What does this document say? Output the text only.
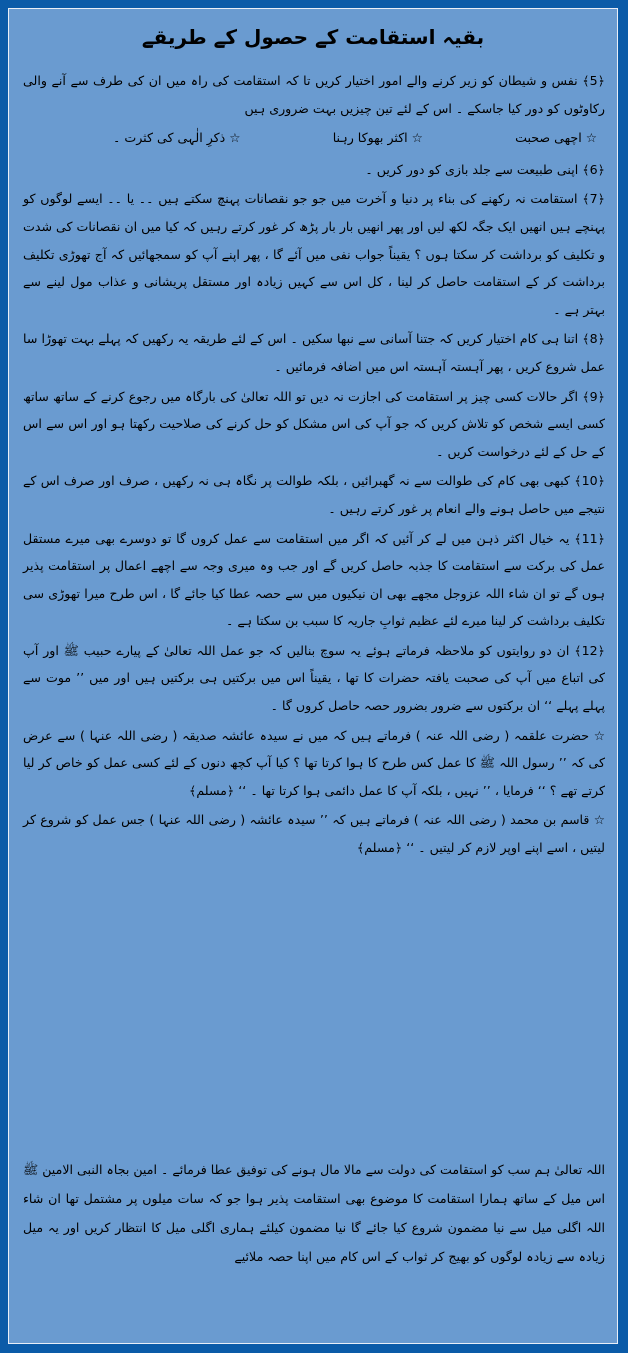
بقیہ استقامت کے حصول کے طریقے

﴿5﴾ نفس و شیطان کو زیر کرنے والے امور اختیار کریں تا کہ استقامت کی راہ میں ان کی طرف سے آنے والی رکاوٹوں کو دور کیا جاسکے ۔ اس کے لئے تین چیزیں بہت ضروری ہیں

☆ اچھی صحبت
☆ اکثر بھوکا رہنا
☆ ذکرِ الٰہی کی کثرت ۔

﴿6﴾ اپنی طبیعت سے جلد بازی کو دور کریں ۔

﴿7﴾ استقامت نہ رکھنے کی بناء پر دنیا و آخرت میں جو جو نقصانات پہنچ سکتے ہیں ۔۔ یا ۔۔ ایسے لوگوں کو پہنچے ہیں انھیں ایک جگہ لکھ لیں اور پھر انھیں بار بار پڑھ کر غور کرتے رہیں کہ کیا میں ان نقصانات کی شدت و تکلیف کو برداشت کر سکتا ہوں ؟ یقیناً جواب نفی میں آئے گا ، پھر اپنے آپ کو سمجھائیں کہ آج تھوڑی تکلیف برداشت کر کے استقامت حاصل کر لینا ، کل اس سے کہیں زیادہ اور مستقل پریشانی و عذاب مول لینے سے بہتر ہے ۔

﴿8﴾ اتنا ہی کام اختیار کریں کہ جتنا آسانی سے نبھا سکیں ۔ اس کے لئے طریقہ یہ رکھیں کہ پہلے بہت تھوڑا سا عمل شروع کریں ، پھر آہستہ آہستہ اس میں اضافہ فرمائیں ۔

﴿9﴾ اگر حالات کسی چیز پر استقامت کی اجازت نہ دیں تو اللہ تعالیٰ کی بارگاہ میں رجوع کرنے کے ساتھ ساتھ کسی ایسے شخص کو تلاش کریں کہ جو آپ کی اس مشکل کو حل کرنے کی صلاحیت رکھتا ہو اور اس سے اس کے حل کے لئے درخواست کریں ۔

﴿10﴾ کبھی بھی کام کی طوالت سے نہ گھبرائیں ، بلکہ طوالت پر نگاہ ہی نہ رکھیں ، صرف اور صرف اس کے نتیجے میں حاصل ہونے والے انعام پر غور کرتے رہیں ۔

﴿11﴾ یہ خیال اکثر ذہن میں لے کر آئیں کہ اگر میں استقامت سے عمل کروں گا تو دوسرے بھی میرے مستقل عمل کی برکت سے استقامت کا جذبہ حاصل کریں گے اور جب وہ میری وجہ سے اچھے اعمال پر استقامت پذیر ہوں گے تو ان شاء اللہ عزوجل مجھے بھی ان نیکیوں میں سے حصہ عطا کیا جائے گا ، اس طرح میرا تھوڑی سی تکلیف برداشت کر لینا میرے لئے عظیم ثوابِ جاریہ کا سبب بن سکتا ہے ۔

﴿12﴾ ان دو روایتوں کو ملاحظہ فرماتے ہوئے یہ سوچ بنالیں کہ جو عمل اللہ تعالیٰ کے پیارے حبیب ﷺ اور آپ کی اتباع میں آپ کی صحبت یافتہ حضرات کا تھا ، یقیناً اس میں برکتیں ہی برکتیں ہیں اور میں ’’ موت سے پہلے پہلے ‘‘ ان برکتوں سے ضرور بضرور حصہ حاصل کروں گا ۔

☆ حضرت علقمہ ( رضی اللہ عنہ ) فرماتے ہیں کہ میں نے سیدہ عائشہ صدیقہ ( رضی اللہ عنہا ) سے عرض کی کہ ’’ رسول اللہ ﷺ کا عمل کس طرح کا ہوا کرتا تھا ؟ کیا آپ کچھ دنوں کے لئے کسی عمل کو خاص کر لیا کرتے تھے ؟ ‘‘ فرمایا ، ’’ نہیں ، بلکہ آپ کا عمل دائمی ہوا کرتا تھا ۔ ‘‘ ﴿مسلم﴾

☆ قاسم بن محمد ( رضی اللہ عنہ ) فرماتے ہیں کہ ’’ سیدہ عائشہ ( رضی اللہ عنہا ) جس عمل کو شروع کر لیتیں ، اسے اپنے اوپر لازم کر لیتیں ۔ ‘‘ ﴿مسلم﴾

اللہ تعالیٰ ہم سب کو استقامت کی دولت سے مالا مال ہونے کی توفیق عطا فرمائے ۔ امین بجاہ النبی الامین ﷺ اس میل کے ساتھ ہمارا استقامت کا موضوع بھی استقامت پذیر ہوا جو کہ سات میلوں پر مشتمل تھا ان شاء اللہ اگلی میل سے نیا مضمون شروع کیا جائے گا نیا مضمون کیلئے ہماری اگلی میل کا انتظار کریں اور یہ میل زیادہ سے زیادہ لوگوں کو بھیج کر ثواب کے اس کام میں اپنا حصہ ملائیے
